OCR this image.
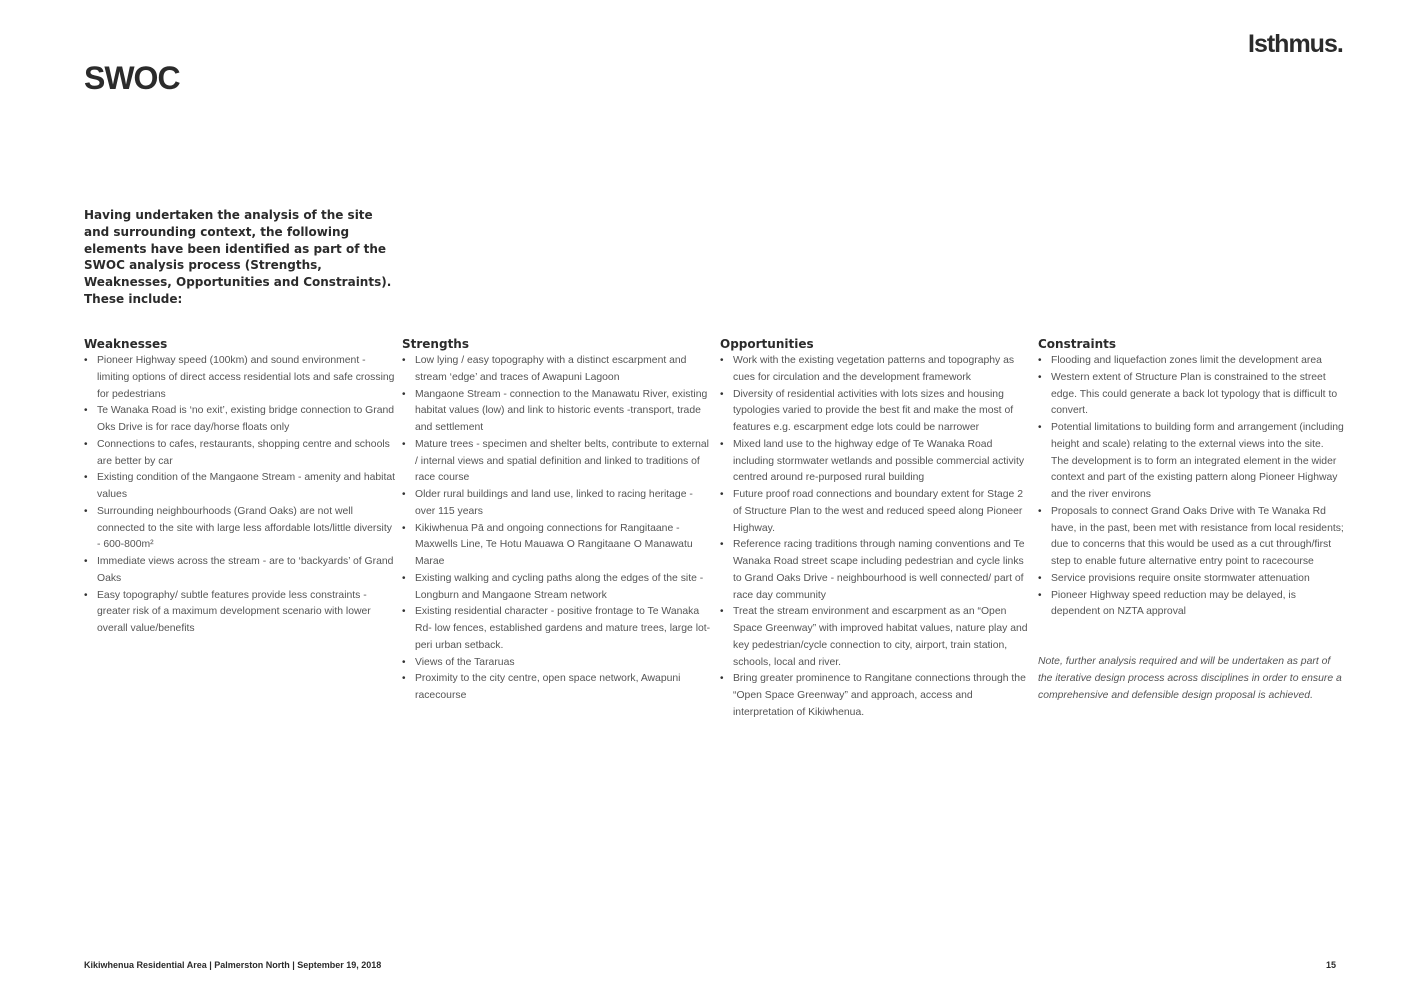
Isthmus.
SWOC

Having undertaken the analysis of the site and surrounding context, the following elements have been identified as part of the SWOC analysis process (Strengths, Weaknesses, Opportunities and Constraints). These include:

Weaknesses
• Pioneer Highway speed (100km) and sound environment - limiting options of direct access residential lots and safe crossing for pedestrians
• Te Wanaka Road is ‘no exit’, existing bridge connection to Grand Oks Drive is for race day/horse floats only
• Connections to cafes, restaurants, shopping centre and schools are better by car
• Existing condition of the Mangaone Stream - amenity and habitat values
• Surrounding neighbourhoods (Grand Oaks) are not well connected to the site with large less affordable lots/little diversity - 600-800m²
• Immediate views across the stream - are to ‘backyards’ of Grand Oaks
• Easy topography/ subtle features provide less constraints - greater risk of a maximum development scenario with lower overall value/benefits
Strengths
• Low lying / easy topography with a distinct escarpment and stream ‘edge’ and traces of Awapuni Lagoon
• Mangaone Stream - connection to the Manawatu River, existing habitat values (low) and link to historic events -transport, trade and settlement
• Mature trees - specimen and shelter belts, contribute to external / internal views and spatial definition and linked to traditions of race course
• Older rural buildings and land use, linked to racing heritage - over 115 years
• Kikiwhenua Pā and ongoing connections for Rangitaane - Maxwells Line, Te Hotu Mauawa O Rangitaane O Manawatu Marae
• Existing walking and cycling paths along the edges of the site - Longburn and Mangaone Stream network
• Existing residential character - positive frontage to Te Wanaka Rd- low fences, established gardens and mature trees, large lot-peri urban setback.
• Views of the Tararuas
• Proximity to the city centre, open space network, Awapuni racecourse
Opportunities
• Work with the existing vegetation patterns and topography as cues for circulation and the development framework
• Diversity of residential activities with lots sizes and housing typologies varied to provide the best fit and make the most of features e.g. escarpment edge lots could be narrower
• Mixed land use to the highway edge of Te Wanaka Road including stormwater wetlands and possible commercial activity centred around re-purposed rural building
• Future proof road connections and boundary extent for Stage 2 of Structure Plan to the west and reduced speed along Pioneer Highway.
• Reference racing traditions through naming conventions and Te Wanaka Road street scape including pedestrian and cycle links to Grand Oaks Drive - neighbourhood is well connected/ part of race day community
• Treat the stream environment and escarpment as an “Open Space Greenway” with improved habitat values, nature play and key pedestrian/cycle connection to city, airport, train station, schools, local and river.
• Bring greater prominence to Rangitane connections through the “Open Space Greenway” and approach, access and interpretation of Kikiwhenua.
Constraints
• Flooding and liquefaction zones limit the development area
• Western extent of Structure Plan is constrained to the street edge. This could generate a back lot typology that is difficult to convert.
• Potential limitations to building form and arrangement (including height and scale) relating to the external views into the site. The development is to form an integrated element in the wider context and part of the existing pattern along Pioneer Highway and the river environs
• Proposals to connect Grand Oaks Drive with Te Wanaka Rd have, in the past, been met with resistance from local residents; due to concerns that this would be used as a cut through/first step to enable future alternative entry point to racecourse
• Service provisions require onsite stormwater attenuation
• Pioneer Highway speed reduction may be delayed, is dependent on NZTA approval

Note, further analysis required and will be undertaken as part of the iterative design process across disciplines in order to ensure a comprehensive and defensible design proposal is achieved.

Kikiwhenua Residential Area | Palmerston North | September 19, 2018	15
